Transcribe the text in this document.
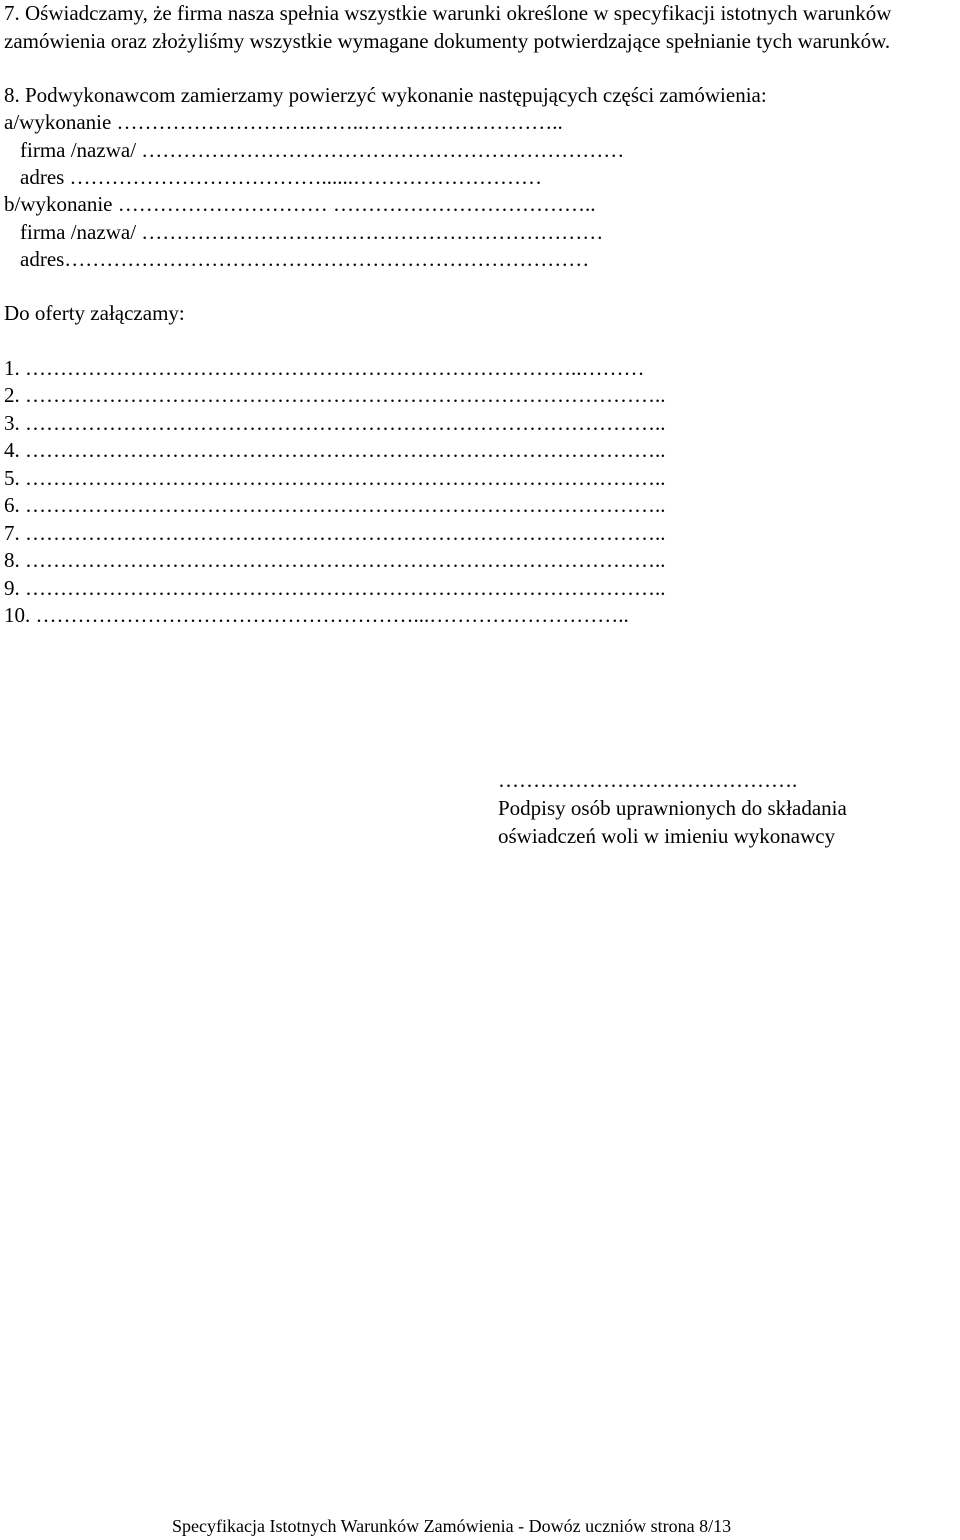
7. Oświadczamy, że firma nasza spełnia wszystkie warunki określone w specyfikacji istotnych warunków zamówienia oraz złożyliśmy wszystkie wymagane dokumenty potwierdzające spełnianie tych warunków.
8. Podwykonawcom zamierzamy powierzyć wykonanie następujących części zamówienia:
a/wykonanie ……………………….……..………………………..
firma /nazwa/ ……………………………………………………………
adres ………………………………......………………………
b/wykonanie ………………………… ………………………………..
firma /nazwa/ …………………………………………………………
adres…………………………………………………………………
Do oferty załączamy:
1. ……………………………………………………………………..………
2. ………………………………………………………………………………..
3. ………………………………………………………………………………..
4. ………………………………………………………………………………..
5. ………………………………………………………………………………..
6. ………………………………………………………………………………..
7. ………………………………………………………………………………..
8. ………………………………………………………………………………..
9. ………………………………………………………………………………..
10. ………………………………………………...………………………..
…………………………………….
Podpisy osób uprawnionych do składania
oświadczeń woli w imieniu wykonawcy
Specyfikacja Istotnych Warunków Zamówienia - Dowóz uczniów strona 8/13
